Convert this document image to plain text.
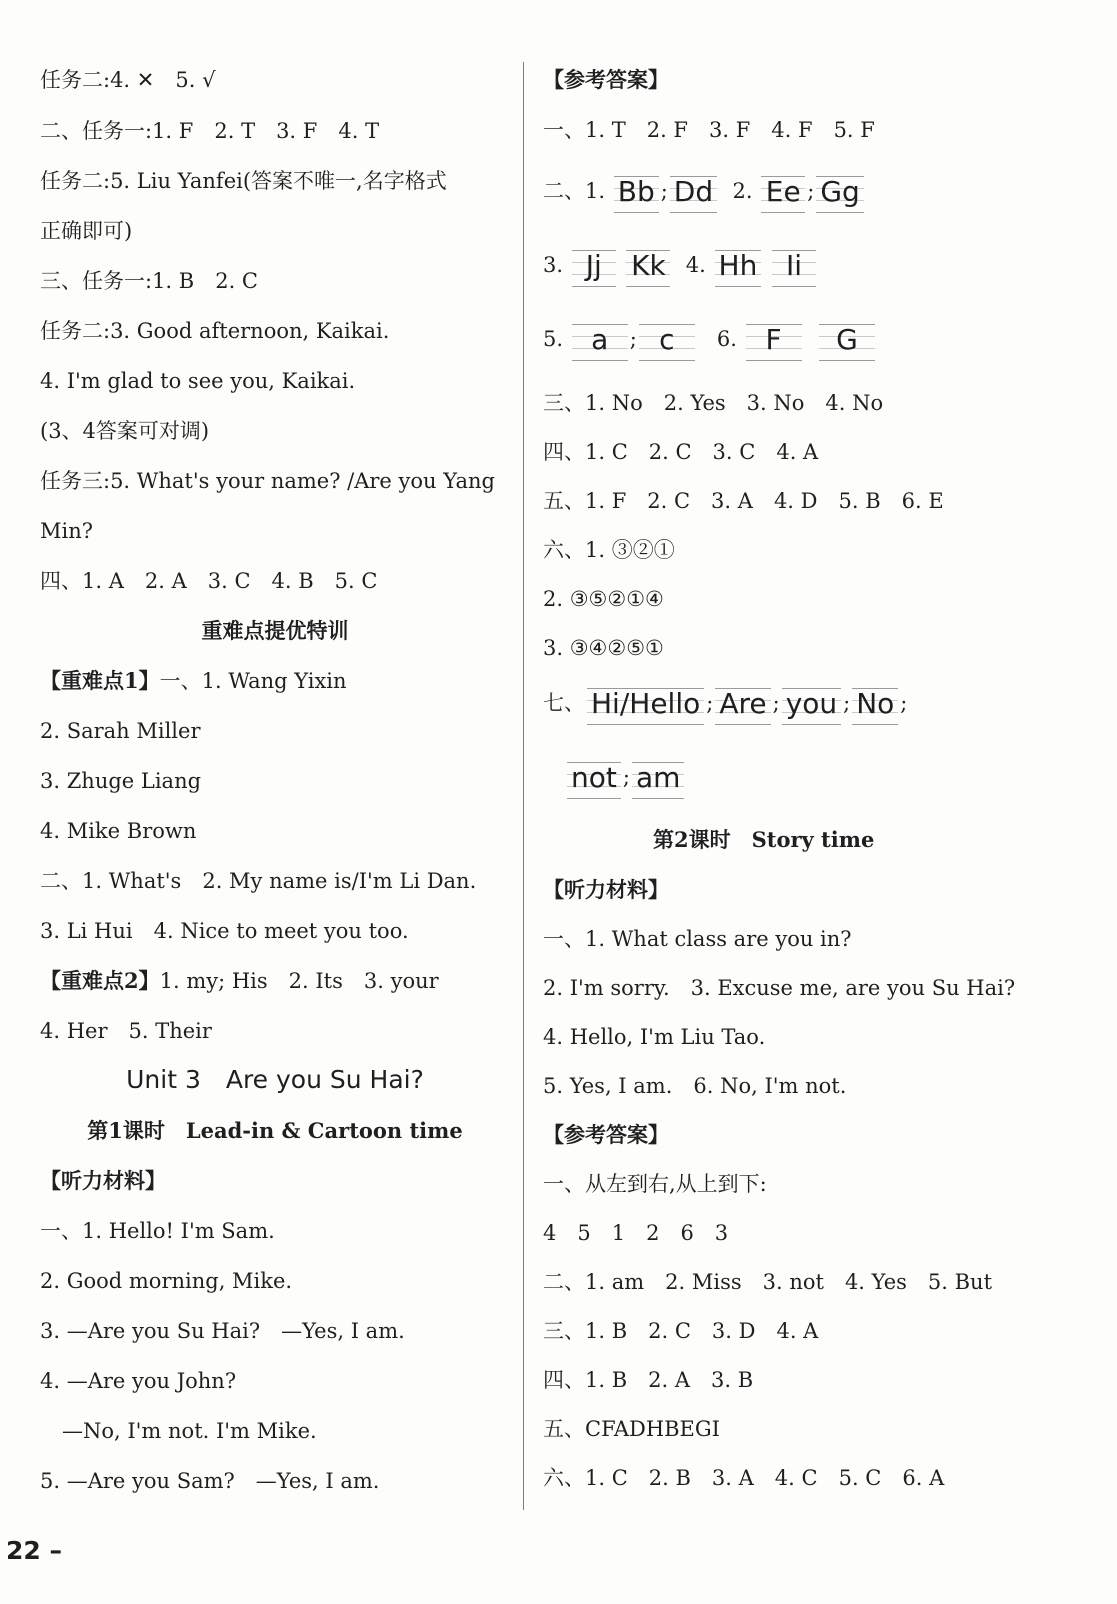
任务二:4. ✕　5. √
二、任务一:1. F　2. T　3. F　4. T
任务二:5. Liu Yanfei(答案不唯一,名字格式
正确即可)
三、任务一:1. B　2. C
任务二:3. Good afternoon, Kaikai.
4. I'm glad to see you, Kaikai.
(3、4答案可对调)
任务三:5. What's your name? /Are you Yang
Min?
四、1. A　2. A　3. C　4. B　5. C
重难点提优特训
【重难点1】一、1. Wang Yixin
2. Sarah Miller
3. Zhuge Liang
4. Mike Brown
二、1. What's　2. My name is/I'm Li Dan.
3. Li Hui　4. Nice to meet you too.
【重难点2】1. my; His　2. Its　3. your
4. Her　5. Their
Unit 3　Are you Su Hai?
第1课时　Lead-in & Cartoon time
【听力材料】
一、1. Hello! I'm Sam.
2. Good morning, Mike.
3. —Are you Su Hai?　—Yes, I am.
4. —Are you John?
—No, I'm not. I'm Mike.
5. —Are you Sam?　—Yes, I am.
【参考答案】
一、1. T　2. F　3. F　4. F　5. F
二、1. Bb ; Dd 2. Ee ; Gg
3. Jj Kk 4. Hh Ii
5. a ; c 6. F G
三、1. No　2. Yes　3. No　4. No
四、1. C　2. C　3. C　4. A
五、1. F　2. C　3. A　4. D　5. B　6. E
六、1. ③②①
2. ③⑤②①④
3. ③④②⑤①
七、 Hi/Hello ; Are ; you ; No ;
not ; am
第2课时　Story time
【听力材料】
一、1. What class are you in?
2. I'm sorry.　3. Excuse me, are you Su Hai?
4. Hello, I'm Liu Tao.
5. Yes, I am.　6. No, I'm not.
【参考答案】
一、从左到右,从上到下:
4　5　1　2　6　3
二、1. am　2. Miss　3. not　4. Yes　5. But
三、1. B　2. C　3. D　4. A
四、1. B　2. A　3. B
五、CFADHBEGI
六、1. C　2. B　3. A　4. C　5. C　6. A
22 –
